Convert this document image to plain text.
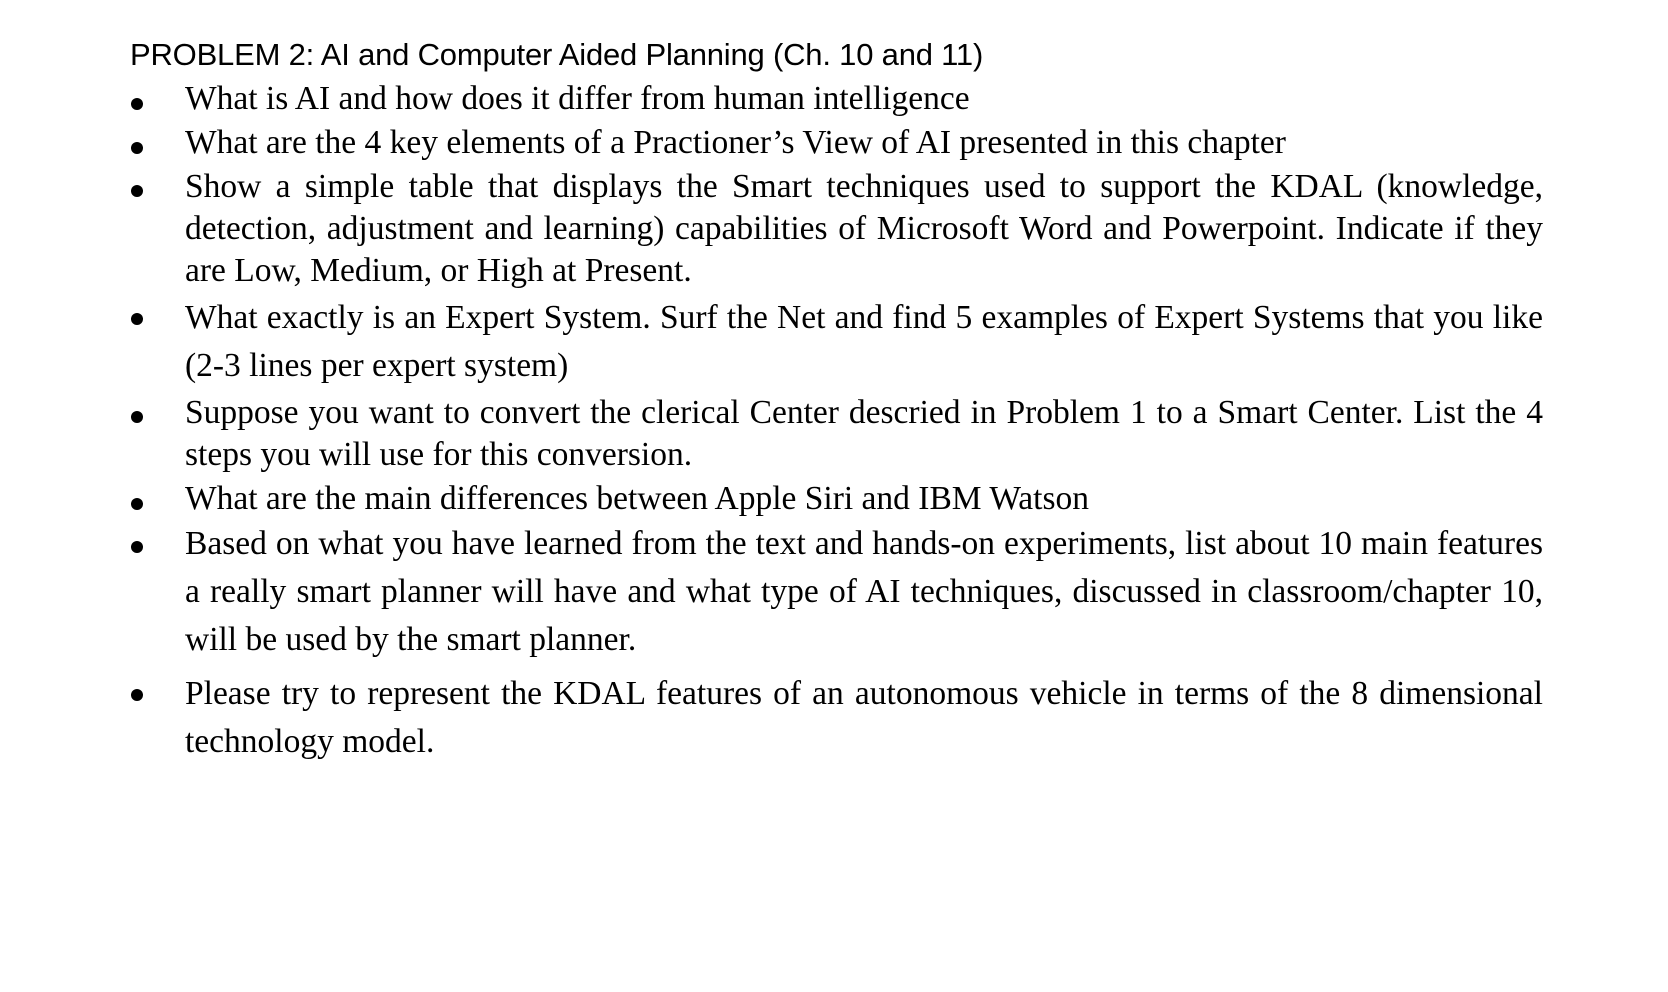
PROBLEM 2: AI and Computer Aided Planning (Ch. 10 and 11)

What is AI and how does it differ from human intelligence

What are the 4 key elements of a Practioner’s View of AI presented in this chapter

Show a simple table that displays the Smart techniques used to support the KDAL (knowledge, detection, adjustment and learning) capabilities of Microsoft Word and Powerpoint. Indicate if they are Low, Medium, or High at Present.

What exactly is an Expert System. Surf the Net and find 5 examples of Expert Systems that you like (2-3 lines per expert system)

Suppose you want to convert the clerical Center descried in Problem 1 to a Smart Center. List the 4 steps you will use for this conversion.

What are the main differences between Apple Siri and IBM Watson

Based on what you have learned from the text and hands-on experiments, list about 10 main features a really smart planner will have and what type of AI techniques, discussed in classroom/chapter 10, will be used by the smart planner.

Please try to represent the KDAL features of an autonomous vehicle in terms of the 8 dimensional technology model.
